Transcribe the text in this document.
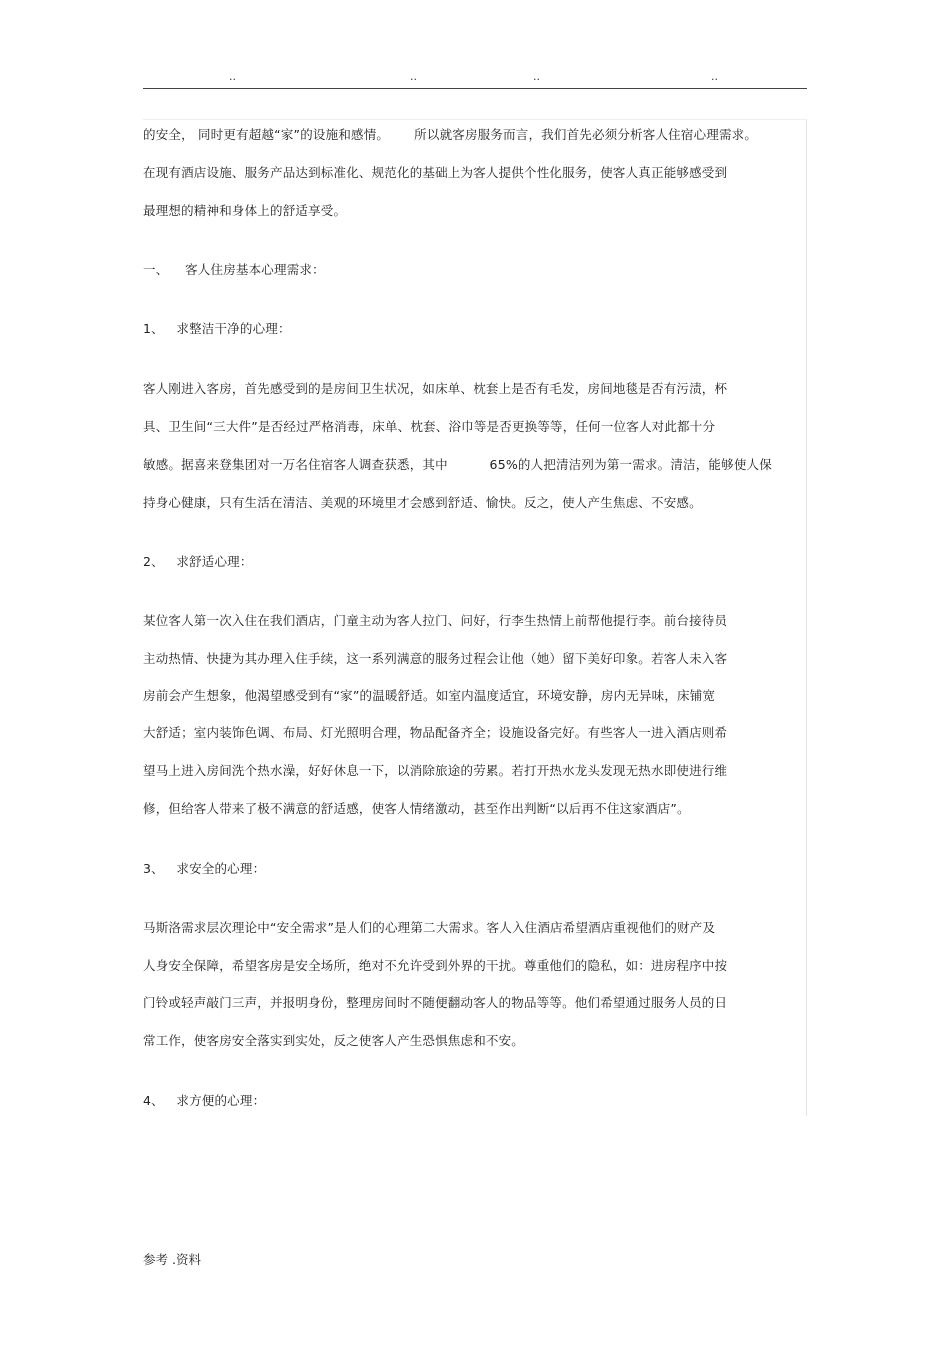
..	..	..	..
的安全， 同时更有超越“家”的设施和感情。      所以就客房服务而言，我们首先必须分析客人住宿心理需求。
在现有酒店设施、服务产品达到标准化、规范化的基础上为客人提供个性化服务，使客人真正能够感受到
最理想的精神和身体上的舒适享受。
一、    客人住房基本心理需求：
1、   求整洁干净的心理：
客人刚进入客房，首先感受到的是房间卫生状况，如床单、枕套上是否有毛发，房间地毯是否有污渍，杯
具、卫生间“三大件”是否经过严格消毒，床单、枕套、浴巾等是否更换等等，任何一位客人对此都十分
敏感。据喜来登集团对一万名住宿客人调查获悉，其中          65%的人把清洁列为第一需求。清洁，能够使人保
持身心健康，只有生活在清洁、美观的环境里才会感到舒适、愉快。反之，使人产生焦虑、不安感。
2、   求舒适心理：
某位客人第一次入住在我们酒店，门童主动为客人拉门、问好，行李生热情上前帮他提行李。前台接待员
主动热情、快捷为其办理入住手续，这一系列满意的服务过程会让他（她）留下美好印象。若客人未入客
房前会产生想象，他渴望感受到有“家”的温暖舒适。如室内温度适宜，环境安静，房内无异味，床铺宽
大舒适；室内装饰色调、布局、灯光照明合理，物品配备齐全；设施设备完好。有些客人一进入酒店则希
望马上进入房间洗个热水澡，好好休息一下，以消除旅途的劳累。若打开热水龙头发现无热水即使进行维
修，但给客人带来了极不满意的舒适感，使客人情绪激动，甚至作出判断“以后再不住这家酒店”。
3、   求安全的心理：
马斯洛需求层次理论中“安全需求”是人们的心理第二大需求。客人入住酒店希望酒店重视他们的财产及
人身安全保障，希望客房是安全场所，绝对不允许受到外界的干扰。尊重他们的隐私，如：进房程序中按
门铃或轻声敲门三声，并报明身份，整理房间时不随便翻动客人的物品等等。他们希望通过服务人员的日
常工作，使客房安全落实到实处，反之使客人产生恐惧焦虑和不安。
4、   求方便的心理：
参考 .资料
